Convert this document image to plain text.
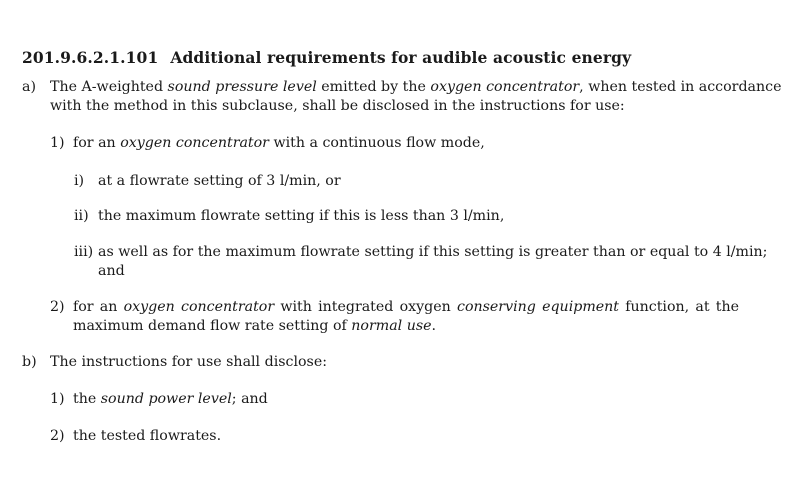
201.9.6.2.1.101 Additional requirements for audible acoustic energy
a) The A-weighted sound pressure level emitted by the oxygen concentrator, when tested in accordance
with the method in this subclause, shall be disclosed in the instructions for use:
1) for an oxygen concentrator with a continuous flow mode,
i) at a flowrate setting of 3 l/min, or
ii) the maximum flowrate setting if this is less than 3 l/min,
iii) as well as for the maximum flowrate setting if this setting is greater than or equal to 4 l/min;
and
2) for an oxygen concentrator with integrated oxygen conserving equipment function, at the
maximum demand flow rate setting of normal use.
b) The instructions for use shall disclose:
1) the sound power level; and
2) the tested flowrates.
